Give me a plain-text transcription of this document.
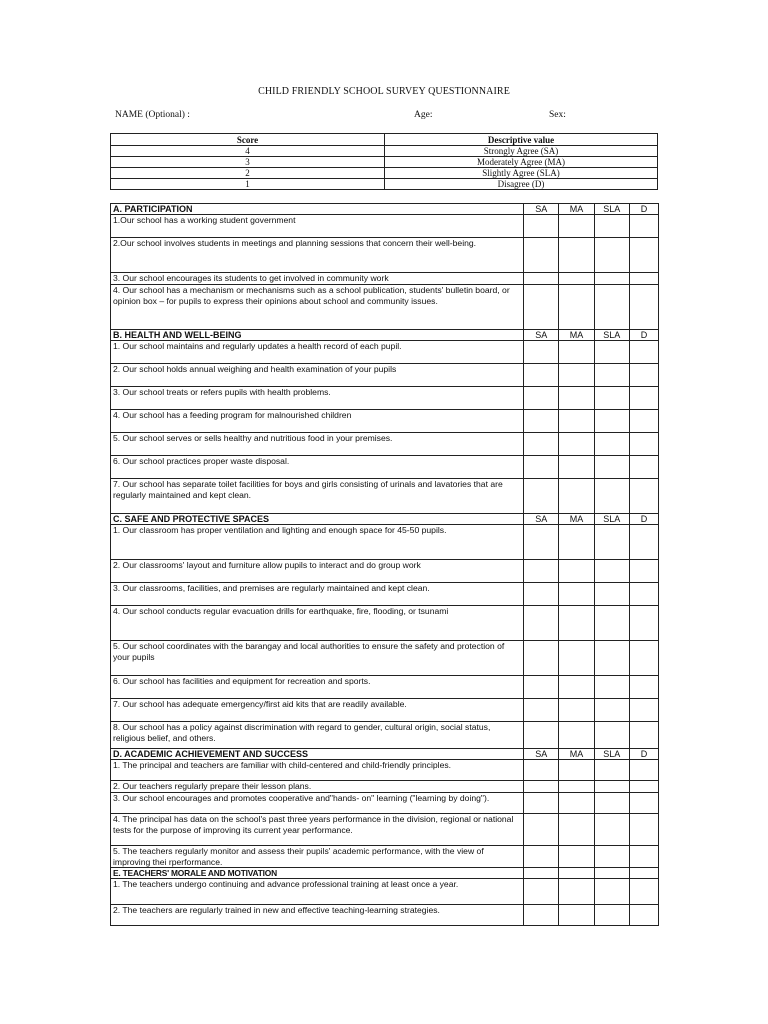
CHILD FRIENDLY SCHOOL SURVEY QUESTIONNAIRE
NAME (Optional) :	Age:	Sex:
Score	Descriptive value
4	Strongly Agree (SA)
3	Moderately Agree (MA)
2	Slightly Agree (SLA)
1	Disagree (D)
A. PARTICIPATION	SA	MA	SLA	D
1.Our school has a working student government				
2.Our school involves students in meetings and planning sessions that concern their well-being.				
3. Our school encourages its students to get involved in community work				
4. Our school has a mechanism or mechanisms such as a school publication, students' bulletin board, or opinion box – for pupils to express their opinions about school and community issues.				
B. HEALTH AND WELL-BEING	SA	MA	SLA	D
1. Our school maintains and regularly updates a health record of each pupil.				
2. Our school holds annual weighing and health examination of your pupils				
3. Our school treats or refers pupils with health problems.				
4. Our school has a feeding program for malnourished children				
5. Our school serves or sells healthy and nutritious food in your premises.				
6. Our school practices proper waste disposal.				
7. Our school has separate toilet facilities for boys and girls consisting of urinals and lavatories that are regularly maintained and kept clean.				
C. SAFE AND PROTECTIVE SPACES	SA	MA	SLA	D
1. Our classroom has proper ventilation and lighting and enough space for 45-50 pupils.				
2. Our classrooms' layout and furniture allow pupils to interact and do group work				
3. Our classrooms, facilities, and premises are regularly maintained and kept clean.				
4. Our school conducts regular evacuation drills for earthquake, fire, flooding, or tsunami				
5. Our school coordinates with the barangay and local authorities to ensure the safety and protection of your pupils				
6. Our school has facilities and equipment for recreation and sports.				
7. Our school has adequate emergency/first aid kits that are readily available.				
8. Our school has a policy against discrimination with regard to gender, cultural origin, social status, religious belief, and others.				
D. ACADEMIC ACHIEVEMENT AND SUCCESS	SA	MA	SLA	D
1. The principal and teachers are familiar with child-centered and child-friendly principles.				
2. Our teachers regularly prepare their lesson plans.				
3. Our school encourages and promotes cooperative and"hands- on" learning ("learning by doing").				
4. The principal has data on the school's past three years performance in the division, regional or national tests for the purpose of improving its current year performance.				
5. The teachers regularly monitor and assess their pupils' academic performance, with the view of improving thei rperformance.				
E. TEACHERS' MORALE AND MOTIVATION				
1. The teachers undergo continuing and advance professional training at least once a year.				
2. The teachers are regularly trained in new and effective teaching-learning strategies.				
